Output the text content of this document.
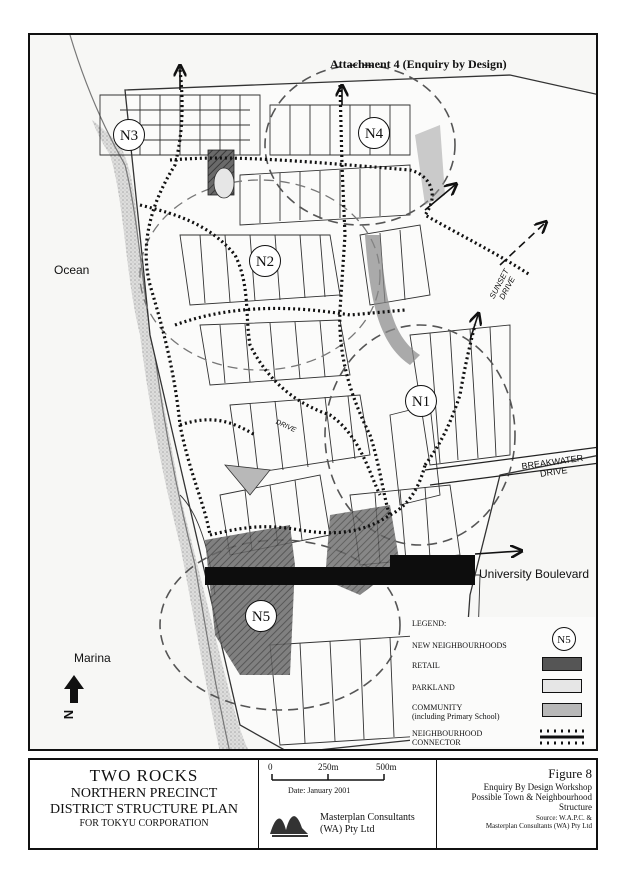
Attachment 4 (Enquiry by Design)
Ocean
Marina
University Boulevard
BREAKWATER
DRIVE
SUNSET
DRIVE
DRIVE
N3	N4
N2
N1
N5
N
LEGEND:
NEW NEIGHBOURHOODS	N5
RETAIL
PARKLAND
COMMUNITY
(including Primary School)
NEIGHBOURHOOD
CONNECTOR
TWO ROCKS
NORTHERN PRECINCT
DISTRICT STRUCTURE PLAN
FOR TOKYU CORPORATION
0	250m	500m
Date: January 2001
Masterplan Consultants
(WA) Pty Ltd
Figure 8
Enquiry By Design Workshop
Possible Town & Neighbourhood
Structure
Source: W.A.P.C. &
Masterplan Consultants (WA) Pty Ltd
